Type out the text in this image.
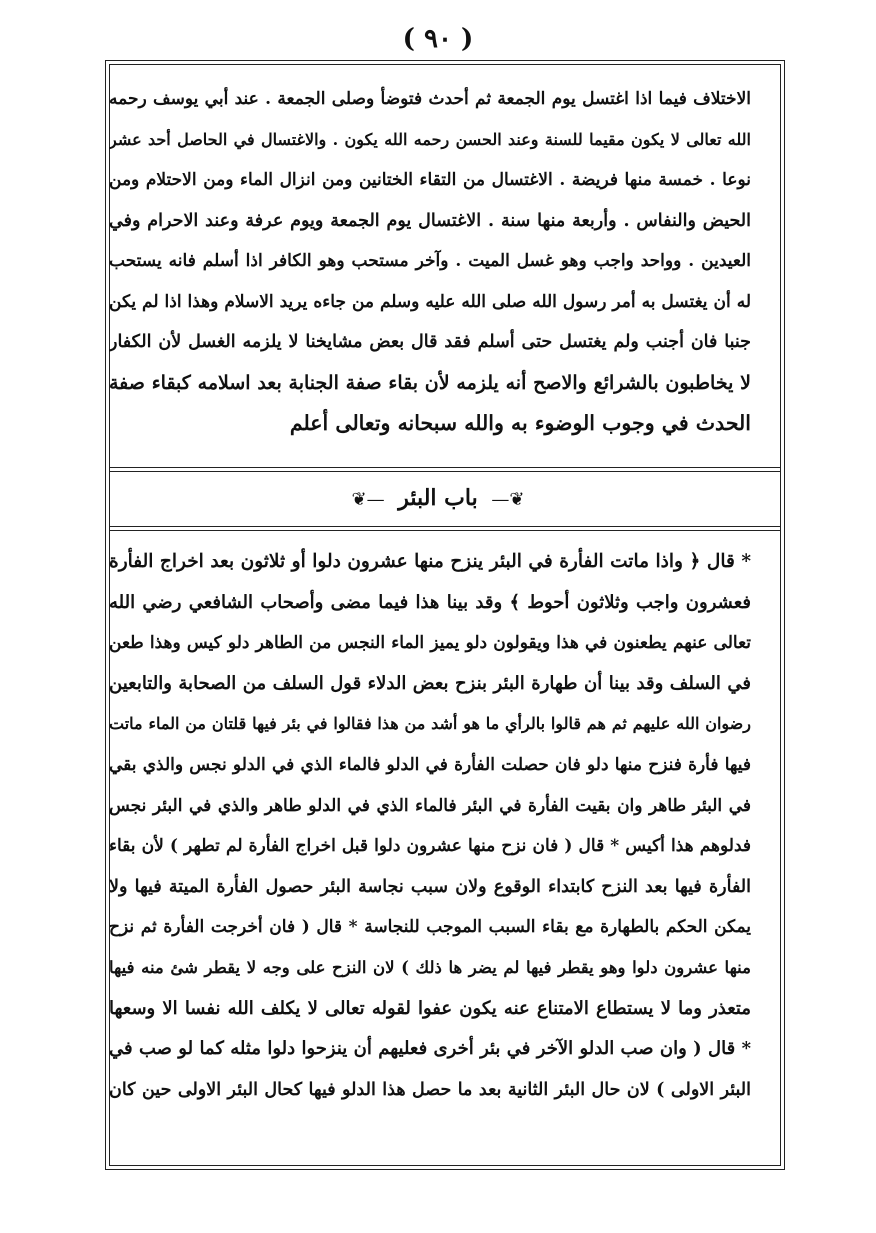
( ٩٠ )
الاختلاف فيما اذا اغتسل يوم الجمعة ثم أحدث فتوضأ وصلى الجمعة . عند أبي يوسف رحمه
الله تعالى لا يكون مقيما للسنة وعند الحسن رحمه الله يكون . والاغتسال في الحاصل أحد عشر
نوعا . خمسة منها فريضة . الاغتسال من التقاء الختانين ومن انزال الماء ومن الاحتلام ومن
الحيض والنفاس . وأربعة منها سنة . الاغتسال يوم الجمعة ويوم عرفة وعند الاحرام وفي
العيدين . وواحد واجب وهو غسل الميت . وآخر مستحب وهو الكافر اذا أسلم فانه يستحب
له أن يغتسل به أمر رسول الله صلى الله عليه وسلم من جاءه يريد الاسلام وهذا اذا لم يكن
جنبا فان أجنب ولم يغتسل حتى أسلم فقد قال بعض مشايخنا لا يلزمه الغسل لأن الكفار
لا يخاطبون بالشرائع والاصح أنه يلزمه لأن بقاء صفة الجنابة بعد اسلامه كبقاء صفة
الحدث في وجوب الوضوء به والله سبحانه وتعالى أعلم
❦— باب البئر —❦
* قال ﴿ واذا ماتت الفأرة في البئر ينزح منها عشرون دلوا أو ثلاثون بعد اخراج الفأرة
فعشرون واجب وثلاثون أحوط ﴾ وقد بينا هذا فيما مضى وأصحاب الشافعي رضي الله
تعالى عنهم يطعنون في هذا ويقولون دلو يميز الماء النجس من الطاهر دلو كيس وهذا طعن
في السلف وقد بينا أن طهارة البئر بنزح بعض الدلاء قول السلف من الصحابة والتابعين
رضوان الله عليهم ثم هم قالوا بالرأي ما هو أشد من هذا فقالوا في بئر فيها قلتان من الماء ماتت
فيها فأرة فنزح منها دلو فان حصلت الفأرة في الدلو فالماء الذي في الدلو نجس والذي بقي
في البئر طاهر وان بقيت الفأرة في البئر فالماء الذي في الدلو طاهر والذي في البئر نجس
فدلوهم هذا أكيس * قال ( فان نزح منها عشرون دلوا قبل اخراج الفأرة لم تطهر ) لأن بقاء
الفأرة فيها بعد النزح كابتداء الوقوع ولان سبب نجاسة البئر حصول الفأرة الميتة فيها ولا
يمكن الحكم بالطهارة مع بقاء السبب الموجب للنجاسة * قال ( فان أخرجت الفأرة ثم نزح
منها عشرون دلوا وهو يقطر فيها لم يضر ها ذلك ) لان النزح على وجه لا يقطر شئ منه فيها
متعذر وما لا يستطاع الامتناع عنه يكون عفوا لقوله تعالى لا يكلف الله نفسا الا وسعها
* قال ( وان صب الدلو الآخر في بئر أخرى فعليهم أن ينزحوا دلوا مثله كما لو صب في
البئر الاولى ) لان حال البئر الثانية بعد ما حصل هذا الدلو فيها كحال البئر الاولى حين كان
